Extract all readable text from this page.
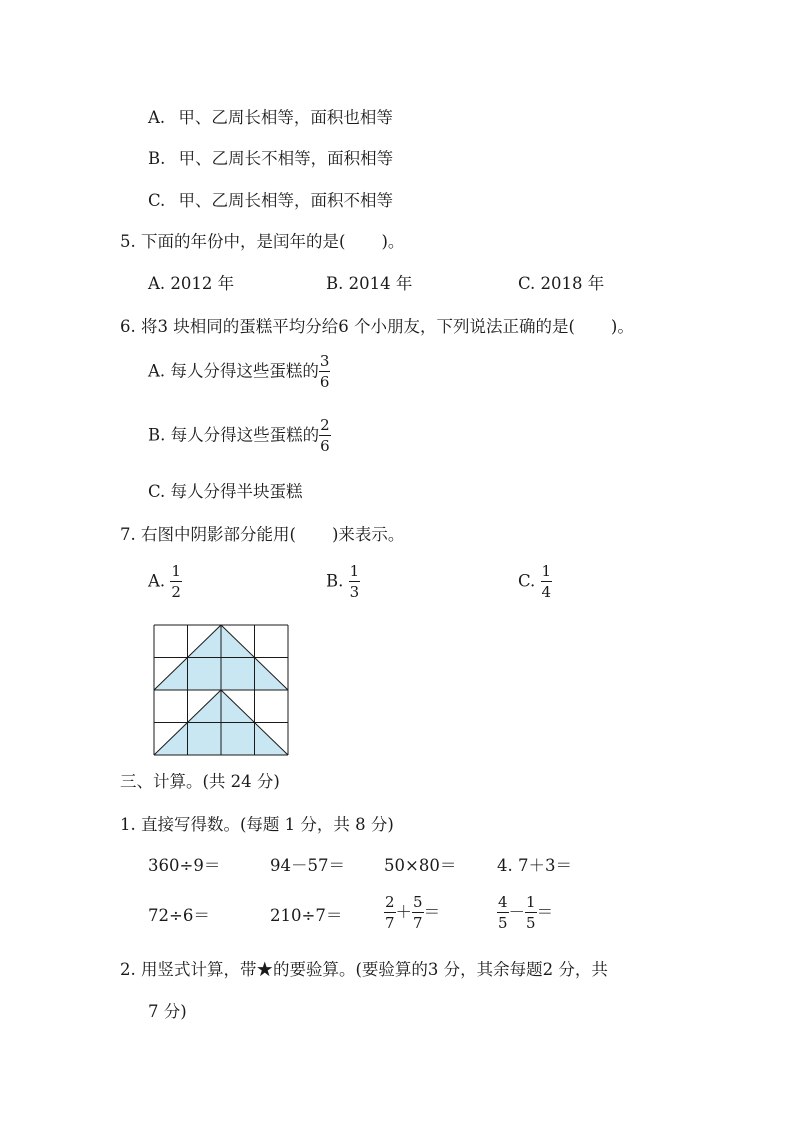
A. 甲、乙周长相等，面积也相等
B. 甲、乙周长不相等，面积相等
C. 甲、乙周长相等，面积不相等
5. 下面的年份中，是闰年的是( )。
A. 2012 年	B. 2014 年	C. 2018 年
6. 将3 块相同的蛋糕平均分给6 个小朋友，下列说法正确的是( )。
A. 每人分得这些蛋糕的 $\frac{3}{6}$
B. 每人分得这些蛋糕的 $\frac{2}{6}$
C. 每人分得半块蛋糕
7. 右图中阴影部分能用( )来表示。
A. $\frac{1}{2}$	B. $\frac{1}{3}$	C. $\frac{1}{4}$
三、计算。(共 24 分)
1. 直接写得数。(每题 1 分，共 8 分)
360÷9＝	94－57＝ 50×80＝ 4. 7＋3＝
72÷6＝	210÷7＝	$\frac{2}{7} + \frac{5}{7}$ ＝	$\frac{4}{5} - \frac{1}{5}$ ＝
2. 用竖式计算，带★的要验算。(要验算的3 分，其余每题2 分，共
7 分)
